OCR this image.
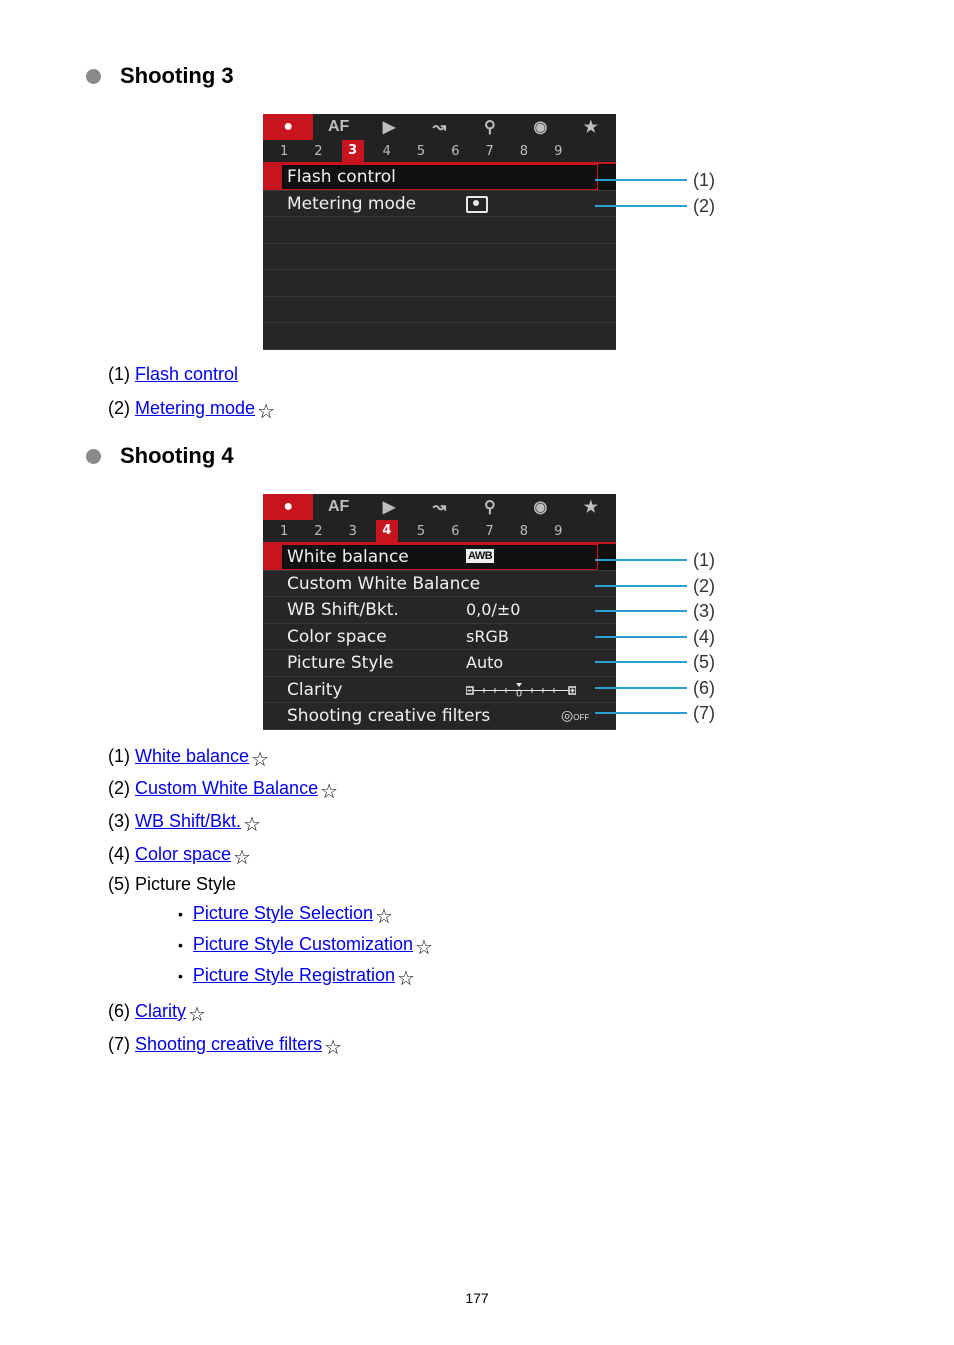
Shooting 3
●	AF	▶	↝	⚲	◉	★
1	2	3	4	5	6	7	8	9
Flash control
Metering mode
(1)
(2)
(1) Flash control
(2) Metering mode ☆
Shooting 4
●	AF	▶	↝	⚲	◉	★
1	2	3	4	5	6	7	8	9
White balance	AWB
Custom White Balance
WB Shift/Bkt.	0,0/±0
Color space	sRGB
Picture Style	Auto
Clarity	0
Shooting creative filters	◎OFF
(1)
(2)
(3)
(4)
(5)
(6)
(7)
(1) White balance ☆
(2) Custom White Balance ☆
(3) WB Shift/Bkt. ☆
(4) Color space ☆
(5) Picture Style
• Picture Style Selection ☆
• Picture Style Customization ☆
• Picture Style Registration ☆
(6) Clarity ☆
(7) Shooting creative filters ☆
177
